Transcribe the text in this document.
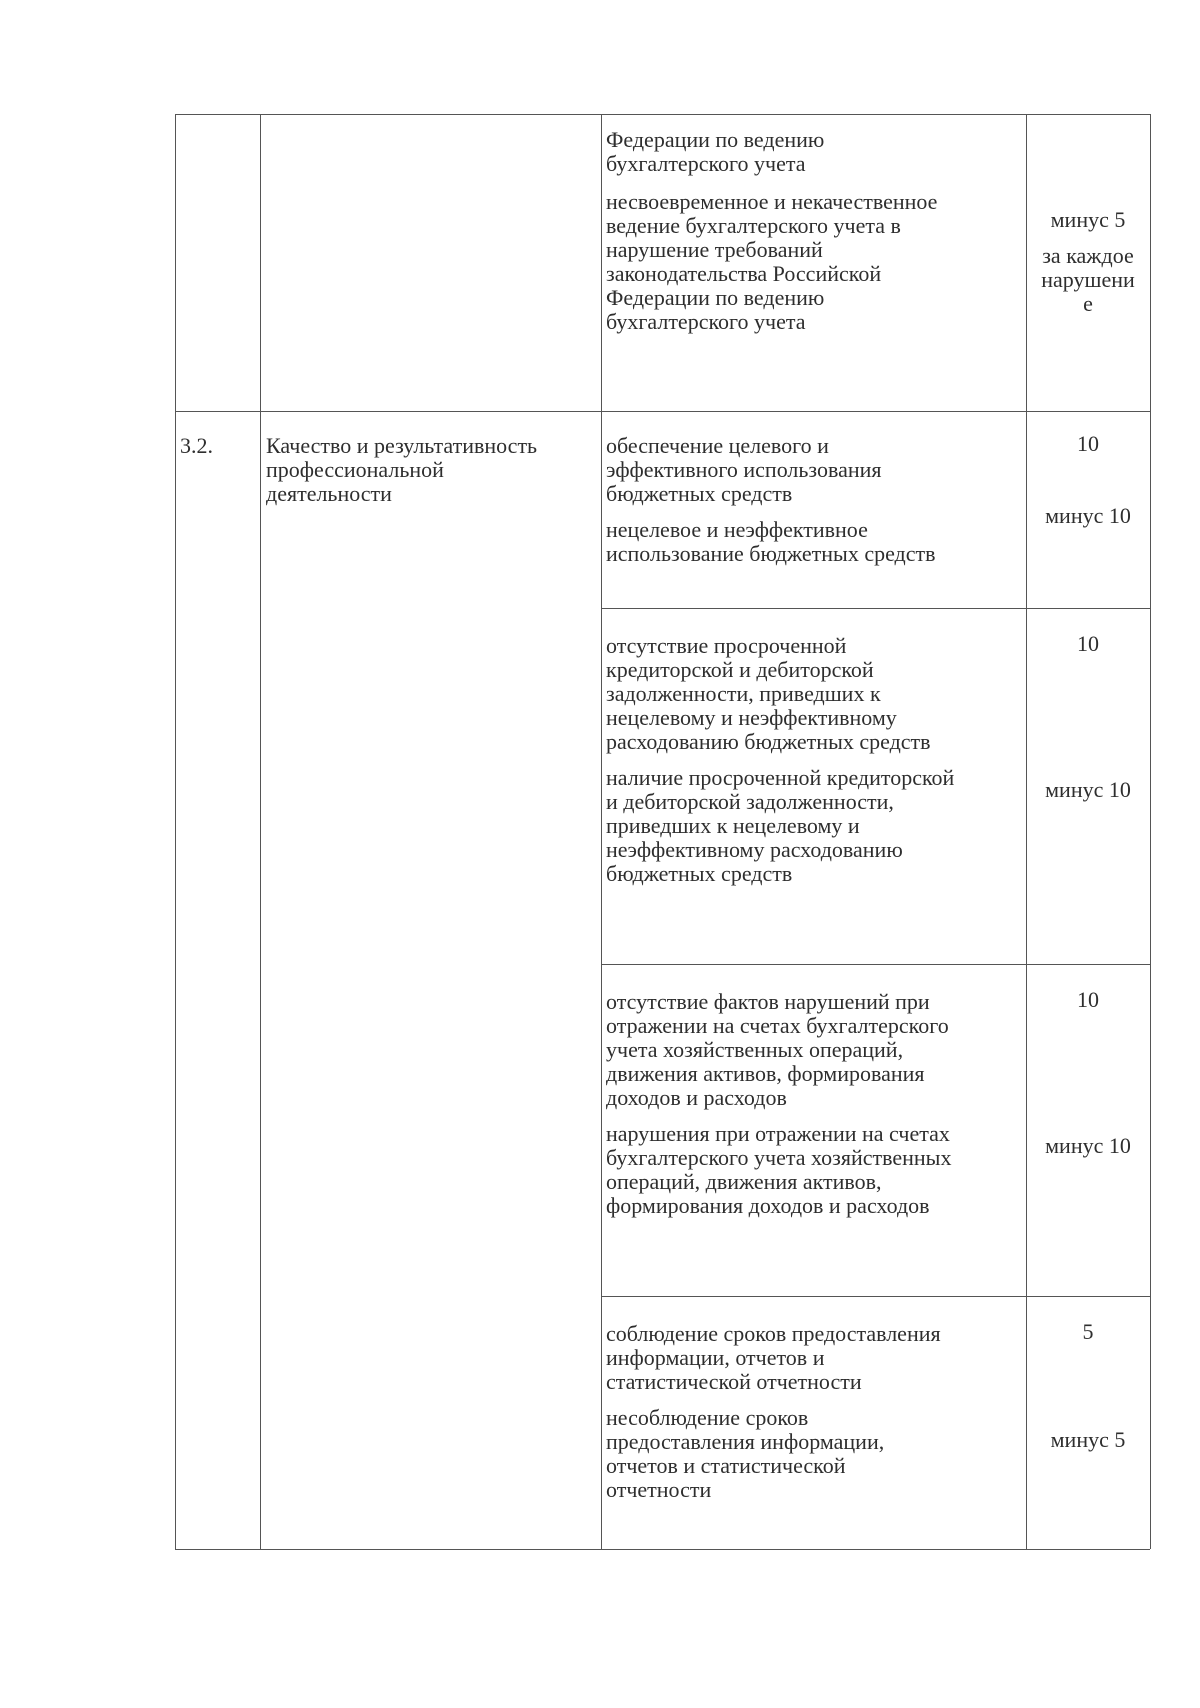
Федерации по ведению
бухгалтерского учета
несвоевременное и некачественное
ведение бухгалтерского учета в
нарушение требований
законодательства Российской
Федерации по ведению
бухгалтерского учета
минус 5
за каждое
нарушени
е
3.2. Качество и результативность
профессиональной
деятельности
обеспечение целевого и
эффективного использования
бюджетных средств
нецелевое и неэффективное
использование бюджетных средств
10
минус 10
отсутствие просроченной
кредиторской и дебиторской
задолженности, приведших к
нецелевому и неэффективному
расходованию бюджетных средств
наличие просроченной кредиторской
и дебиторской задолженности,
приведших к нецелевому и
неэффективному расходованию
бюджетных средств
10
минус 10
отсутствие фактов нарушений при
отражении на счетах бухгалтерского
учета хозяйственных операций,
движения активов, формирования
доходов и расходов
нарушения при отражении на счетах
бухгалтерского учета хозяйственных
операций, движения активов,
формирования доходов и расходов
10
минус 10
соблюдение сроков предоставления
информации, отчетов и
статистической отчетности
несоблюдение сроков
предоставления информации,
отчетов и статистической
отчетности
5
минус 5
